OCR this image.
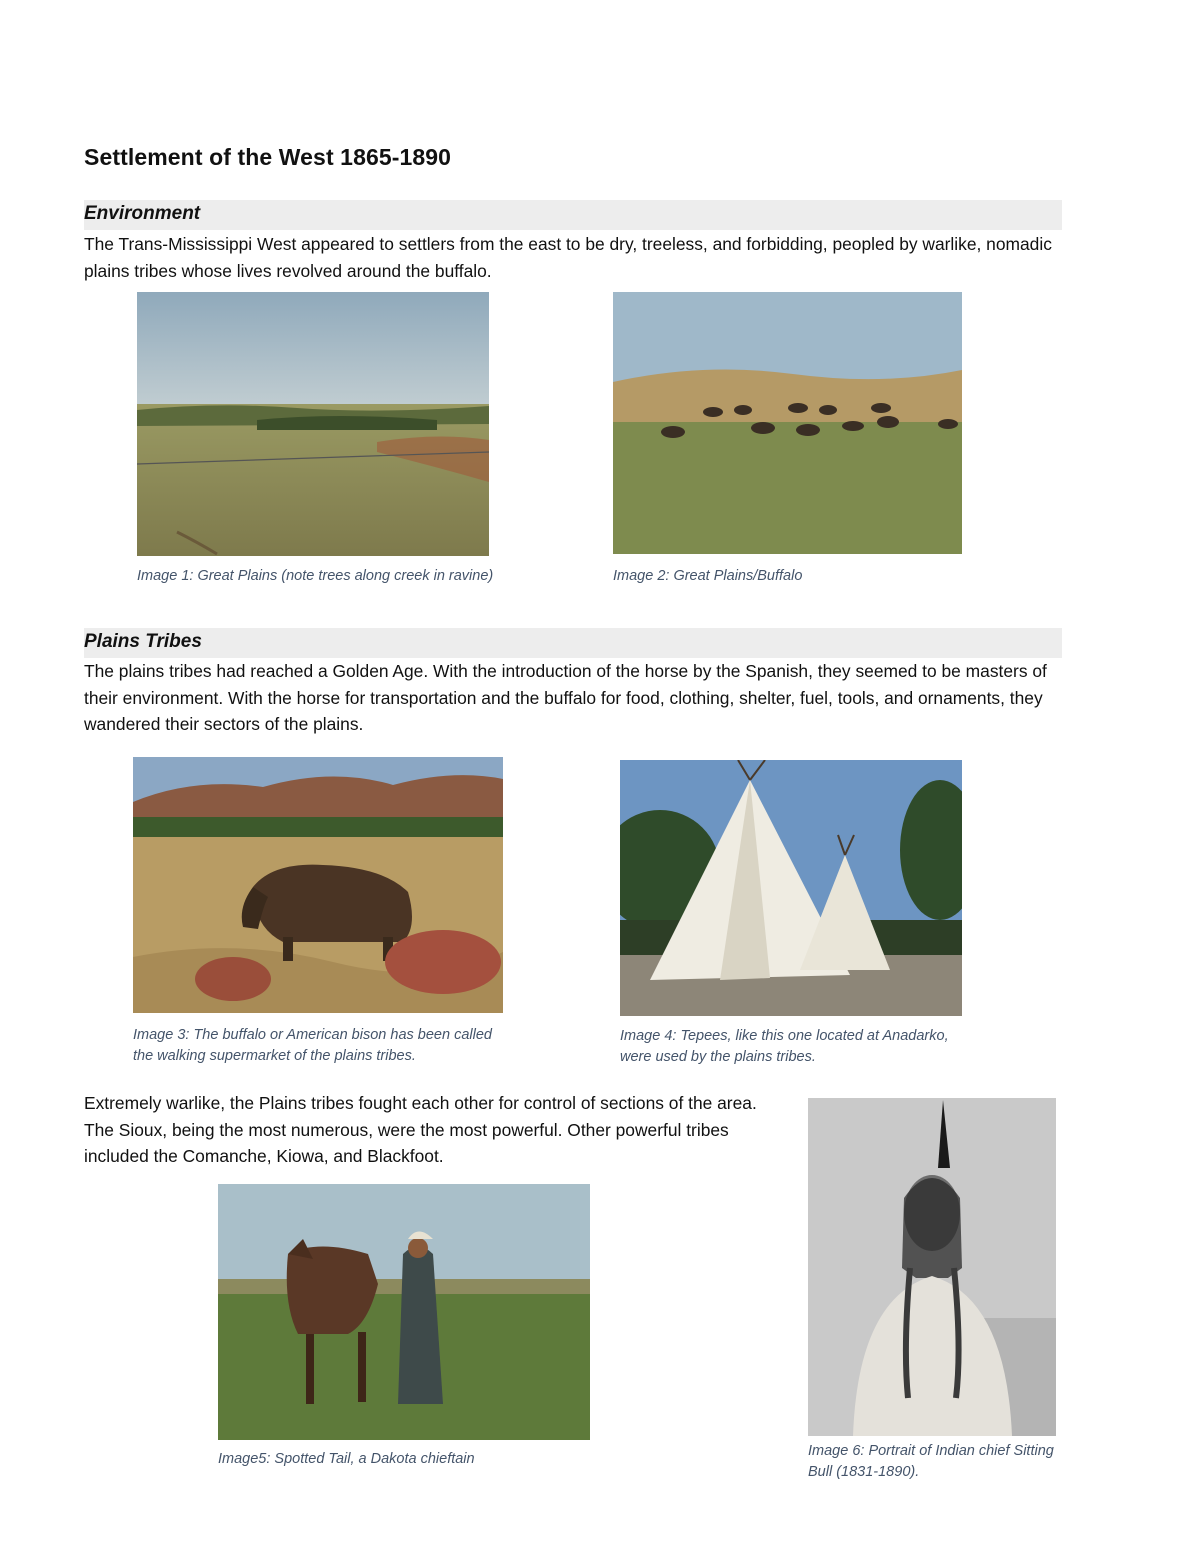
Settlement of the West 1865-1890
Environment
The Trans-Mississippi West appeared to settlers from the east to be dry, treeless, and forbidding, peopled by warlike, nomadic plains tribes whose lives revolved around the buffalo.
Image 1: Great Plains (note trees along creek in ravine)	Image 2: Great Plains/Buffalo
Plains Tribes
The plains tribes had reached a Golden Age. With the introduction of the horse by the Spanish, they seemed to be masters of their environment. With the horse for transportation and the buffalo for food, clothing, shelter, fuel, tools, and ornaments, they wandered their sectors of the plains.
Image 3: The buffalo or American bison has been called the walking supermarket of the plains tribes.
Image 4: Tepees, like this one located at Anadarko, were used by the plains tribes.
Extremely warlike, the Plains tribes fought each other for control of sections of the area. The Sioux, being the most numerous, were the most powerful. Other powerful tribes included the Comanche, Kiowa, and Blackfoot.
Image5: Spotted Tail, a Dakota chieftain	Image 6: Portrait of Indian chief Sitting Bull (1831-1890).
